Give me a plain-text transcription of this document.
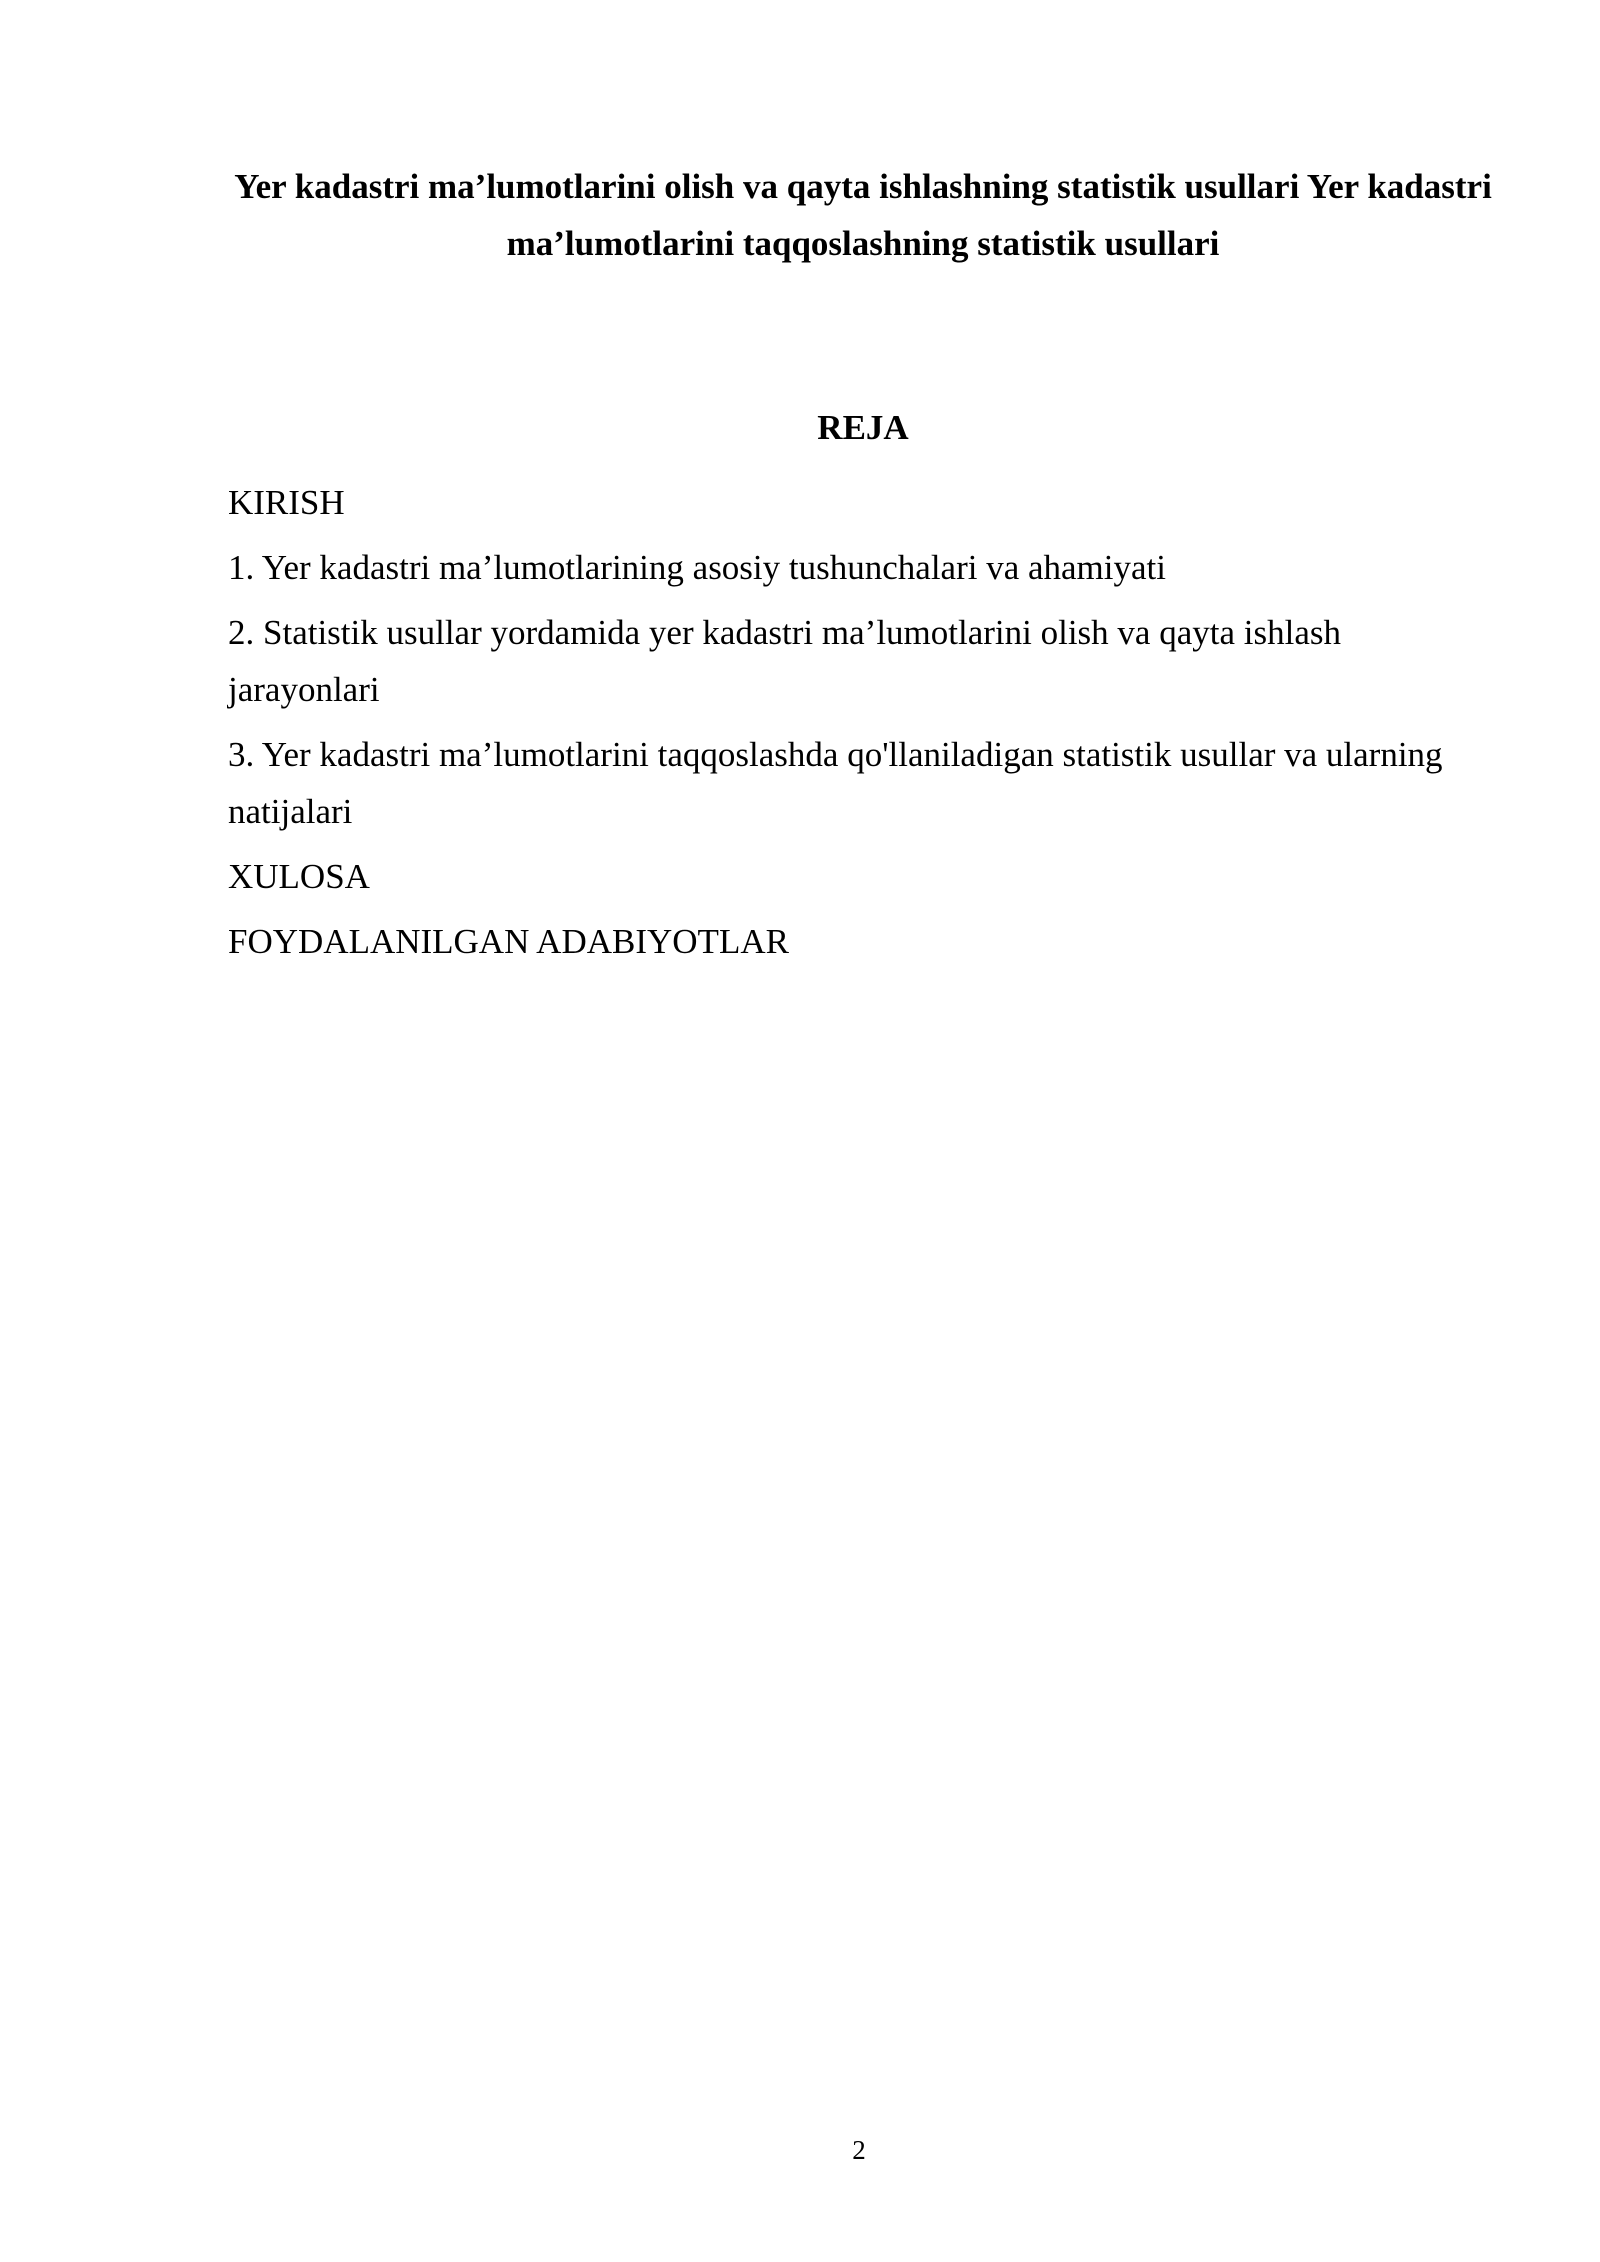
Yer kadastri ma’lumotlarini olish va qayta ishlashning statistik usullari Yer kadastri ma’lumotlarini taqqoslashning statistik usullari
REJA
KIRISH
1. Yer kadastri ma’lumotlarining asosiy tushunchalari va ahamiyati
2. Statistik usullar yordamida yer kadastri ma’lumotlarini olish va qayta ishlash jarayonlari
3. Yer kadastri ma’lumotlarini taqqoslashda qo'llaniladigan statistik usullar va ularning natijalari
XULOSA
FOYDALANILGAN ADABIYOTLAR
2
